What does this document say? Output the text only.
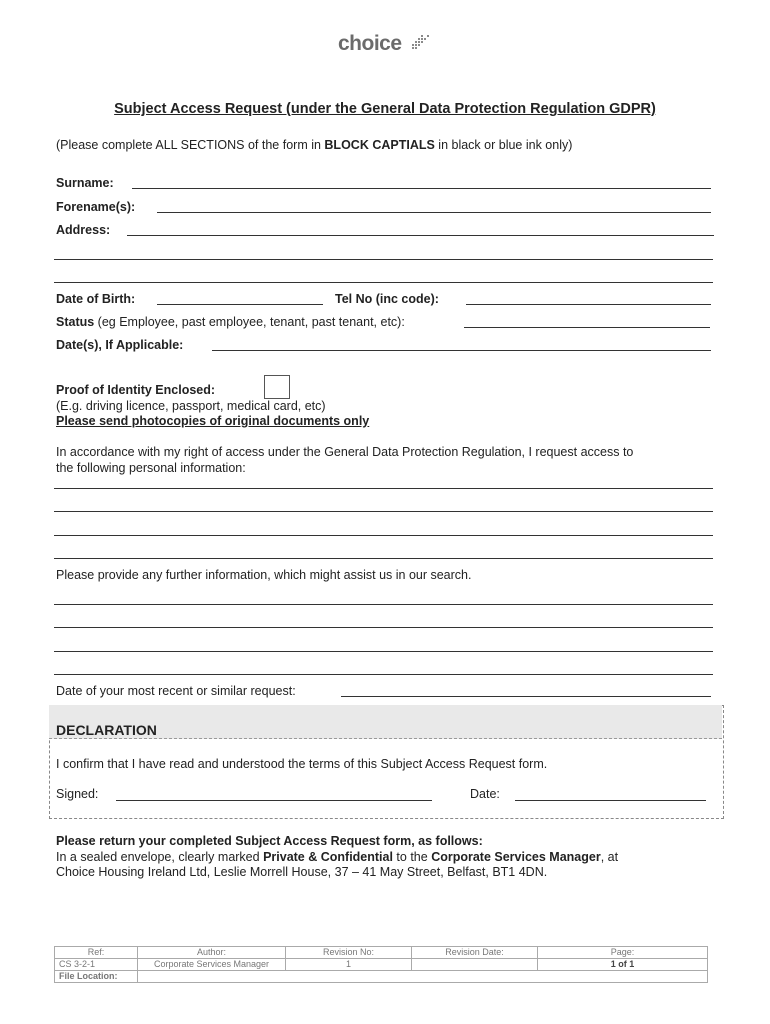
choice
Subject Access Request (under the General Data Protection Regulation GDPR)
(Please complete ALL SECTIONS of the form in BLOCK CAPTIALS in black or blue ink only)
Surname:
Forename(s):
Address:
Date of Birth:	Tel No (inc code):
Status (eg Employee, past employee, tenant, past tenant, etc):
Date(s), If Applicable:
Proof of Identity Enclosed:
(E.g. driving licence, passport, medical card, etc)
Please send photocopies of original documents only
In accordance with my right of access under the General Data Protection Regulation, I request access to
the following personal information:
Please provide any further information, which might assist us in our search.
Date of your most recent or similar request:
DECLARATION
I confirm that I have read and understood the terms of this Subject Access Request form.
Signed:	Date:
Please return your completed Subject Access Request form, as follows:
In a sealed envelope, clearly marked Private & Confidential to the Corporate Services Manager, at
Choice Housing Ireland Ltd, Leslie Morrell House, 37 – 41 May Street, Belfast, BT1 4DN.
Ref:	Author:	Revision No:	Revision Date:	Page:
CS 3-2-1	Corporate Services Manager	1		1 of 1
File Location:				
